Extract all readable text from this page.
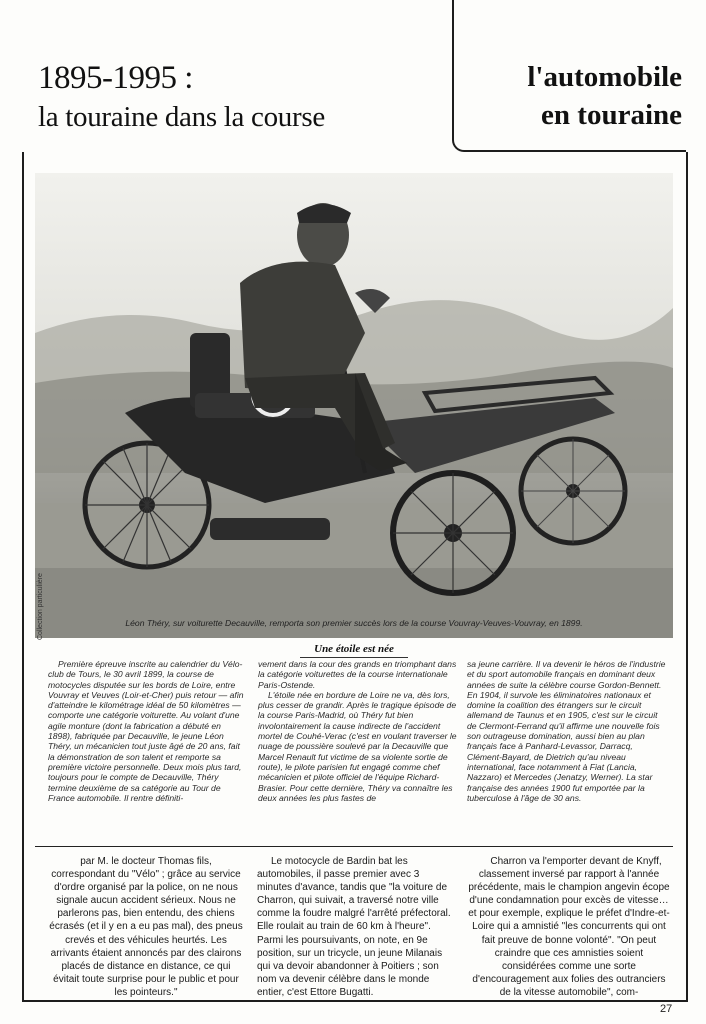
1895-1995 :
la touraine dans la course
l'automobile
en touraine
Collection particulière	Léon Théry, sur voiturette Decauville, remporta son premier succès lors de la course Vouvray-Veuves-Vouvray, en 1899.
Une étoile est née

Première épreuve inscrite au calendrier du Vélo-club de Tours, le 30 avril 1899, la course de motocycles disputée sur les bords de Loire, entre Vouvray et Veuves (Loir-et-Cher) puis retour — afin d'atteindre le kilométrage idéal de 50 kilomètres — comporte une catégorie voiturette. Au volant d'une agile monture (dont la fabrication a débuté en 1898), fabriquée par Decauville, le jeune Léon Théry, un mécanicien tout juste âgé de 20 ans, fait la démonstration de son talent et remporte sa première victoire personnelle. Deux mois plus tard, toujours pour le compte de Decauville, Théry termine deuxième de sa catégorie au Tour de France automobile. Il rentre définiti-

vement dans la cour des grands en triomphant dans la catégorie voiturettes de la course internationale Paris-Ostende.

L'étoile née en bordure de Loire ne va, dès lors, plus cesser de grandir. Après le tragique épisode de la course Paris-Madrid, où Théry fut bien involontairement la cause indirecte de l'accident mortel de Couhé-Verac (c'est en voulant traverser le nuage de poussière soulevé par la Decauville que Marcel Renault fut victime de sa violente sortie de route), le pilote parisien fut engagé comme chef mécanicien et pilote officiel de l'équipe Richard-Brasier. Pour cette dernière, Théry va connaître les deux années les plus fastes de

sa jeune carrière. Il va devenir le héros de l'industrie et du sport automobile français en dominant deux années de suite la célèbre course Gordon-Bennett. En 1904, il survole les éliminatoires nationaux et domine la coalition des étrangers sur le circuit allemand de Taunus et en 1905, c'est sur le circuit de Clermont-Ferrand qu'il affirme une nouvelle fois son outrageuse domination, aussi bien au plan français face à Panhard-Levassor, Darracq, Clément-Bayard, de Dietrich qu'au niveau international, face notamment à Fiat (Lancia, Nazzaro) et Mercedes (Jenatzy, Werner). La star française des années 1900 fut emportée par la tuberculose à l'âge de 30 ans.

par M. le docteur Thomas fils, correspondant du "Vélo" ; grâce au service d'ordre organisé par la police, on ne nous signale aucun accident sérieux. Nous ne parlerons pas, bien entendu, des chiens écrasés (et il y en a eu pas mal), des pneus crevés et des véhicules heurtés. Les arrivants étaient annoncés par des clairons placés de distance en distance, ce qui évitait toute surprise pour le public et pour les pointeurs."

Le motocycle de Bardin bat les automobiles, il passe premier avec 3 minutes d'avance, tandis que "la voiture de Charron, qui suivait, a traversé notre ville comme la foudre malgré l'arrêté préfectoral. Elle roulait au train de 60 km à l'heure". Parmi les poursuivants, on note, en 9e position, sur un tricycle, un jeune Milanais qui va devoir abandonner à Poitiers ; son nom va devenir célèbre dans le monde entier, c'est Ettore Bugatti.

Charron va l'emporter devant de Knyff, classement inversé par rapport à l'année précédente, mais le champion angevin écope d'une condamnation pour excès de vitesse… et pour exemple, explique le préfet d'Indre-et-Loire qui a amnistié "les concurrents qui ont fait preuve de bonne volonté". "On peut craindre que ces amnisties soient considérées comme une sorte d'encouragement aux folies des outranciers de la vitesse automobile", com-

27
